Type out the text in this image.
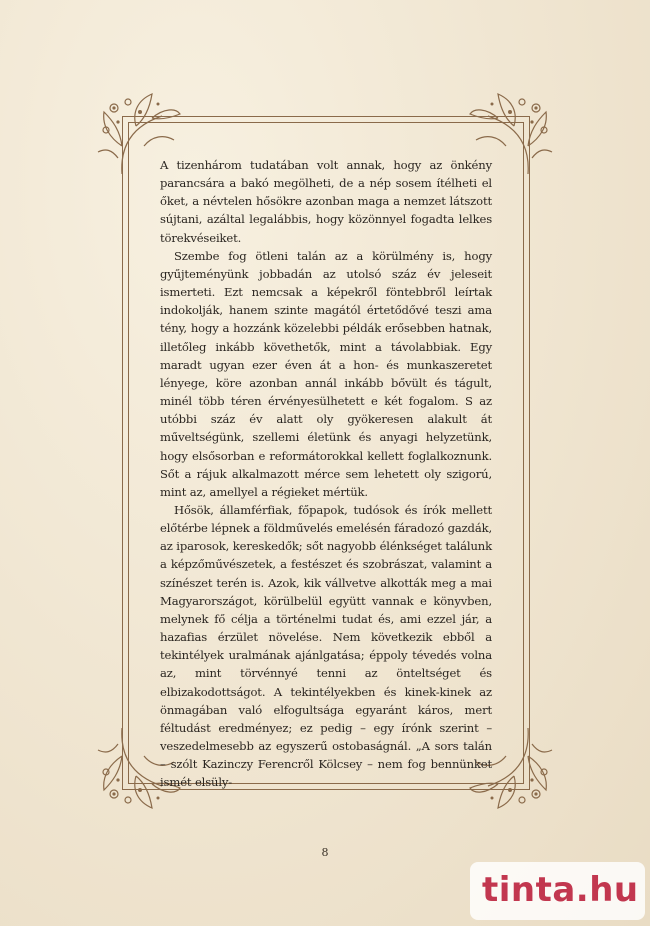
A tizenhárom tudatában volt annak, hogy az önkény parancsára a bakó megölheti, de a nép sosem ítélheti el őket, a névtelen hősökre azonban maga a nemzet látszott sújtani, azáltal legalábbis, hogy közönnyel fogadta lelkes törekvéseiket.

Szembe fog ötleni talán az a körülmény is, hogy gyűjteményünk jobbadán az utolsó száz év jeleseit ismerteti. Ezt nemcsak a képekről föntebbről leírtak indokolják, hanem szinte magától értetődővé teszi ama tény, hogy a hozzánk közelebbi példák erősebben hatnak, illetőleg inkább követhetők, mint a távolabbiak. Egy maradt ugyan ezer éven át a hon- és munkaszeretet lényege, köre azonban annál inkább bővült és tágult, minél több téren érvényesülhetett e két fogalom. S az utóbbi száz év alatt oly gyökeresen alakult át műveltségünk, szellemi életünk és anyagi helyzetünk, hogy elsősorban e reformátorokkal kellett foglalkoznunk. Sőt a rájuk alkalmazott mérce sem lehetett oly szigorú, mint az, amellyel a régieket mértük.

Hősök, államférfiak, főpapok, tudósok és írók mellett előtérbe lépnek a földművelés emelésén fáradozó gazdák, az iparosok, kereskedők; sőt nagyobb élénkséget találunk a képzőművészetek, a festészet és szobrászat, valamint a színészet terén is. Azok, kik vállvetve alkották meg a mai Magyarországot, körülbelül együtt vannak e könyvben, melynek fő célja a történelmi tudat és, ami ezzel jár, a hazafias érzület növelése. Nem következik ebből a tekintélyek uralmának ajánlgatása; éppoly tévedés volna az, mint törvénnyé tenni az önteltséget és elbizakodottságot. A tekintélyekben és kinek-kinek az önmagában való elfogultsága egyaránt káros, mert féltudást eredményez; ez pedig – egy írónk szerint – veszedelmesebb az egyszerű ostobaságnál. „A sors talán – szólt Kazinczy Ferencről Kölcsey – nem fog bennünket ismét elsüly-

8
tinta.hu
